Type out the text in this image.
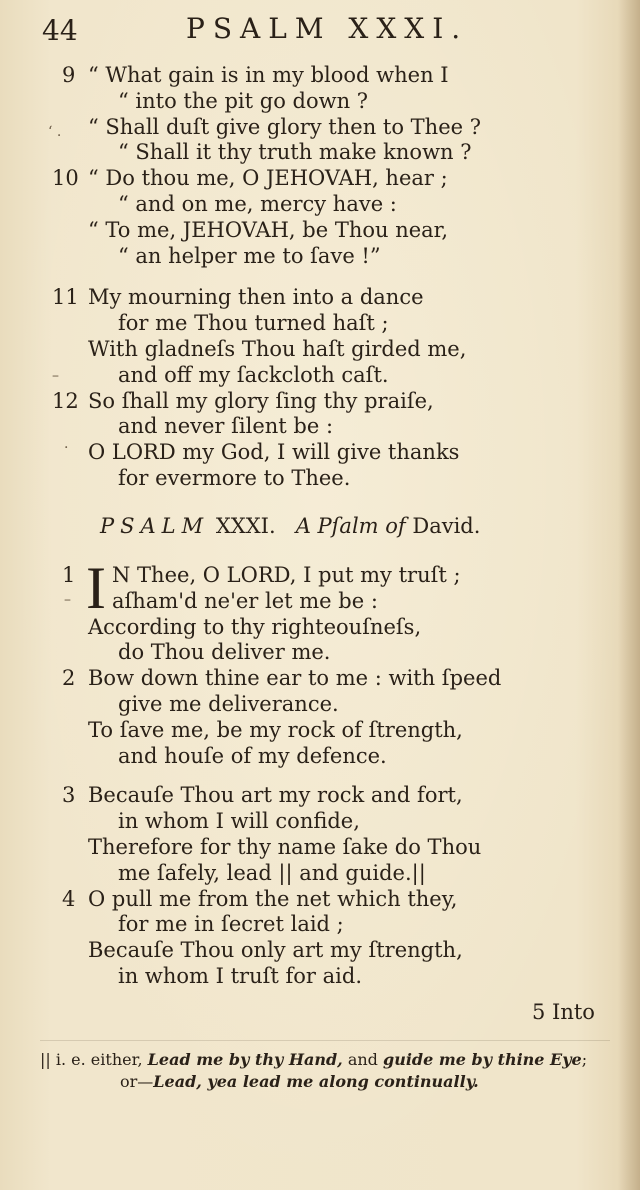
44	PSALM XXXI.
9 “ What gain is in my blood when I
“ into the pit go down ?
“ Shall duſt give glory then to Thee ?
“ Shall it thy truth make known ?
10 “ Do thou me, O JEHOVAH, hear ;
“ and on me, mercy have :
“ To me, JEHOVAH, be Thou near,
“ an helper me to ſave !”
11 My mourning then into a dance
for me Thou turned haſt ;
With gladneſs Thou haſt girded me,
and off my ſackcloth caſt.
12 So ſhall my glory ſing thy praiſe,
and never ſilent be :
O LORD my God, I will give thanks
for evermore to Thee.
PSALM XXXI. A Pſalm of David.
I
1 N Thee, O LORD, I put my truſt ;
aſham'd ne'er let me be :
According to thy righteouſneſs,
do Thou deliver me.
2 Bow down thine ear to me : with ſpeed
give me deliverance.
To ſave me, be my rock of ſtrength,
and houſe of my defence.
3 Becauſe Thou art my rock and fort,
in whom I will confide,
Therefore for thy name ſake do Thou
me ſafely, lead || and guide.||
4 O pull me from the net which they,
for me in ſecret laid ;
Becauſe Thou only art my ſtrength,
in whom I truſt for aid.
5 Into
|| i. e. either, Lead me by thy Hand, and guide me by thine Eye;
or—Lead, yea lead me along continually.
‘ .
·
–
–
